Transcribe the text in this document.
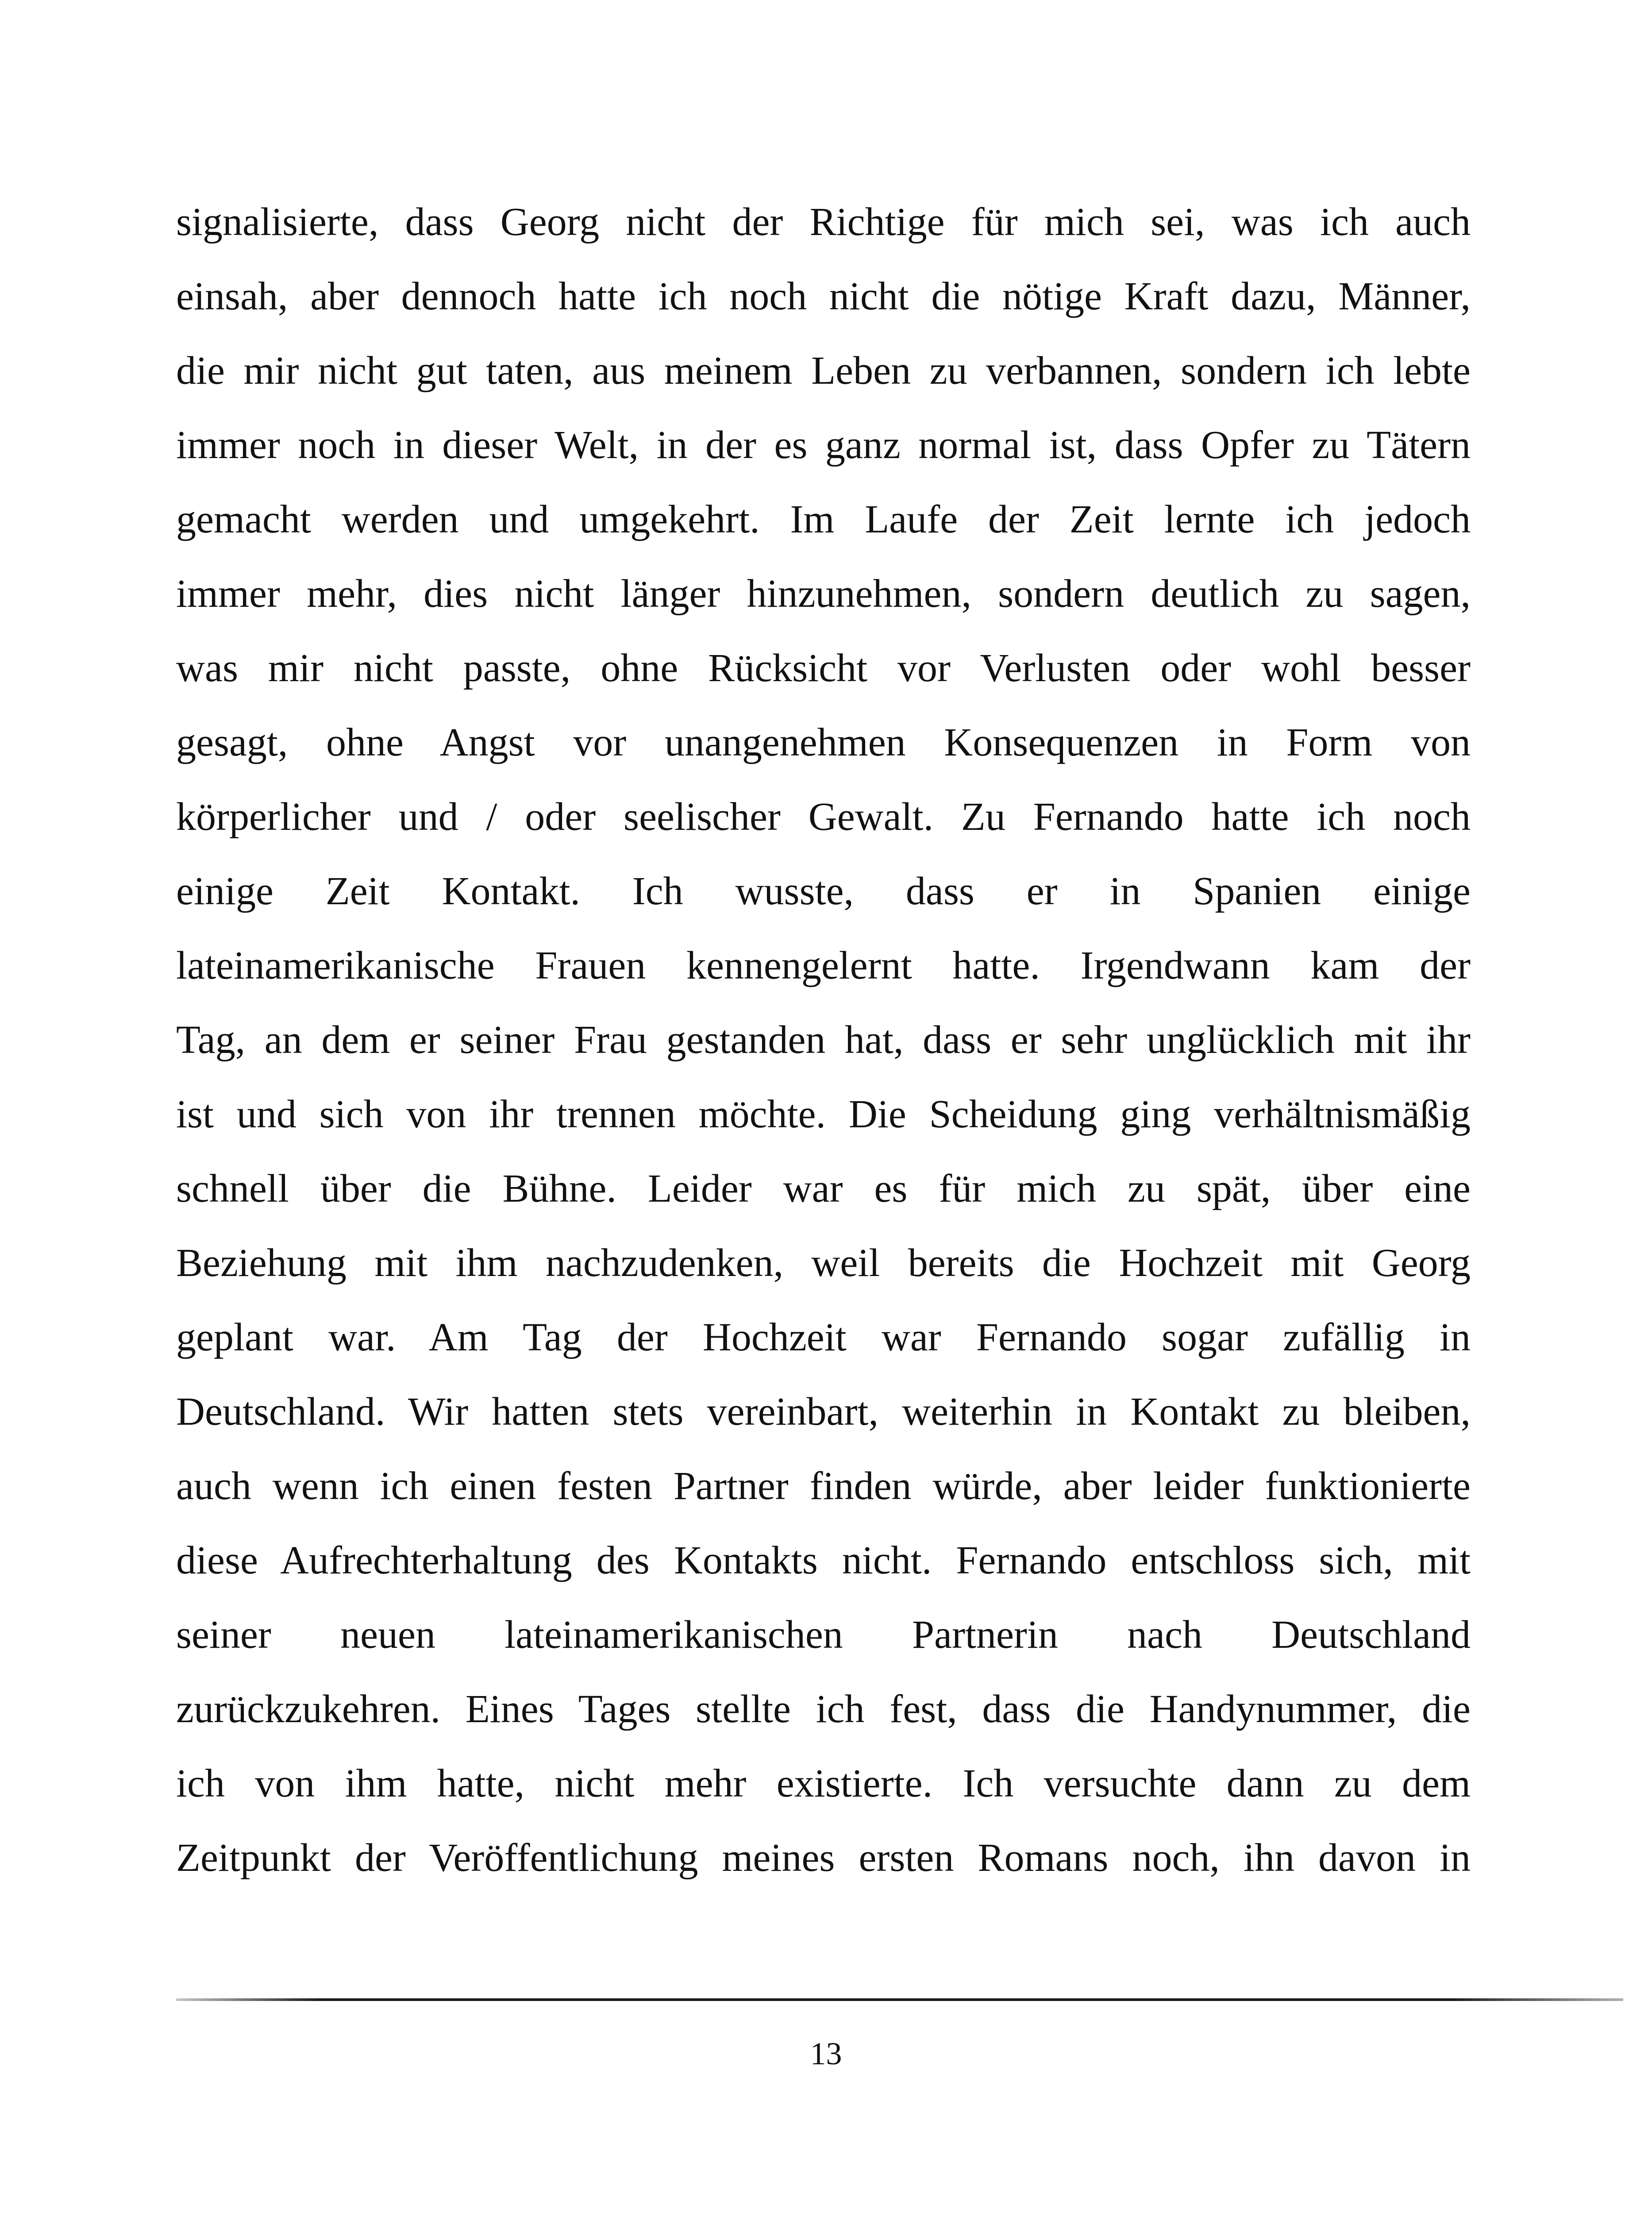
signalisierte, dass Georg nicht der Richtige für mich sei, was ich auch
einsah, aber dennoch hatte ich noch nicht die nötige Kraft dazu, Männer,
die mir nicht gut taten, aus meinem Leben zu verbannen, sondern ich lebte
immer noch in dieser Welt, in der es ganz normal ist, dass Opfer zu Tätern
gemacht werden und umgekehrt. Im Laufe der Zeit lernte ich jedoch
immer mehr, dies nicht länger hinzunehmen, sondern deutlich zu sagen,
was mir nicht passte, ohne Rücksicht vor Verlusten oder wohl besser
gesagt, ohne Angst vor unangenehmen Konsequenzen in Form von
körperlicher und / oder seelischer Gewalt. Zu Fernando hatte ich noch
einige Zeit Kontakt. Ich wusste, dass er in Spanien einige
lateinamerikanische Frauen kennengelernt hatte. Irgendwann kam der
Tag, an dem er seiner Frau gestanden hat, dass er sehr unglücklich mit ihr
ist und sich von ihr trennen möchte. Die Scheidung ging verhältnismäßig
schnell über die Bühne. Leider war es für mich zu spät, über eine
Beziehung mit ihm nachzudenken, weil bereits die Hochzeit mit Georg
geplant war. Am Tag der Hochzeit war Fernando sogar zufällig in
Deutschland. Wir hatten stets vereinbart, weiterhin in Kontakt zu bleiben,
auch wenn ich einen festen Partner finden würde, aber leider funktionierte
diese Aufrechterhaltung des Kontakts nicht. Fernando entschloss sich, mit
seiner neuen lateinamerikanischen Partnerin nach Deutschland
zurückzukehren. Eines Tages stellte ich fest, dass die Handynummer, die
ich von ihm hatte, nicht mehr existierte. Ich versuchte dann zu dem
Zeitpunkt der Veröffentlichung meines ersten Romans noch, ihn davon in
13
